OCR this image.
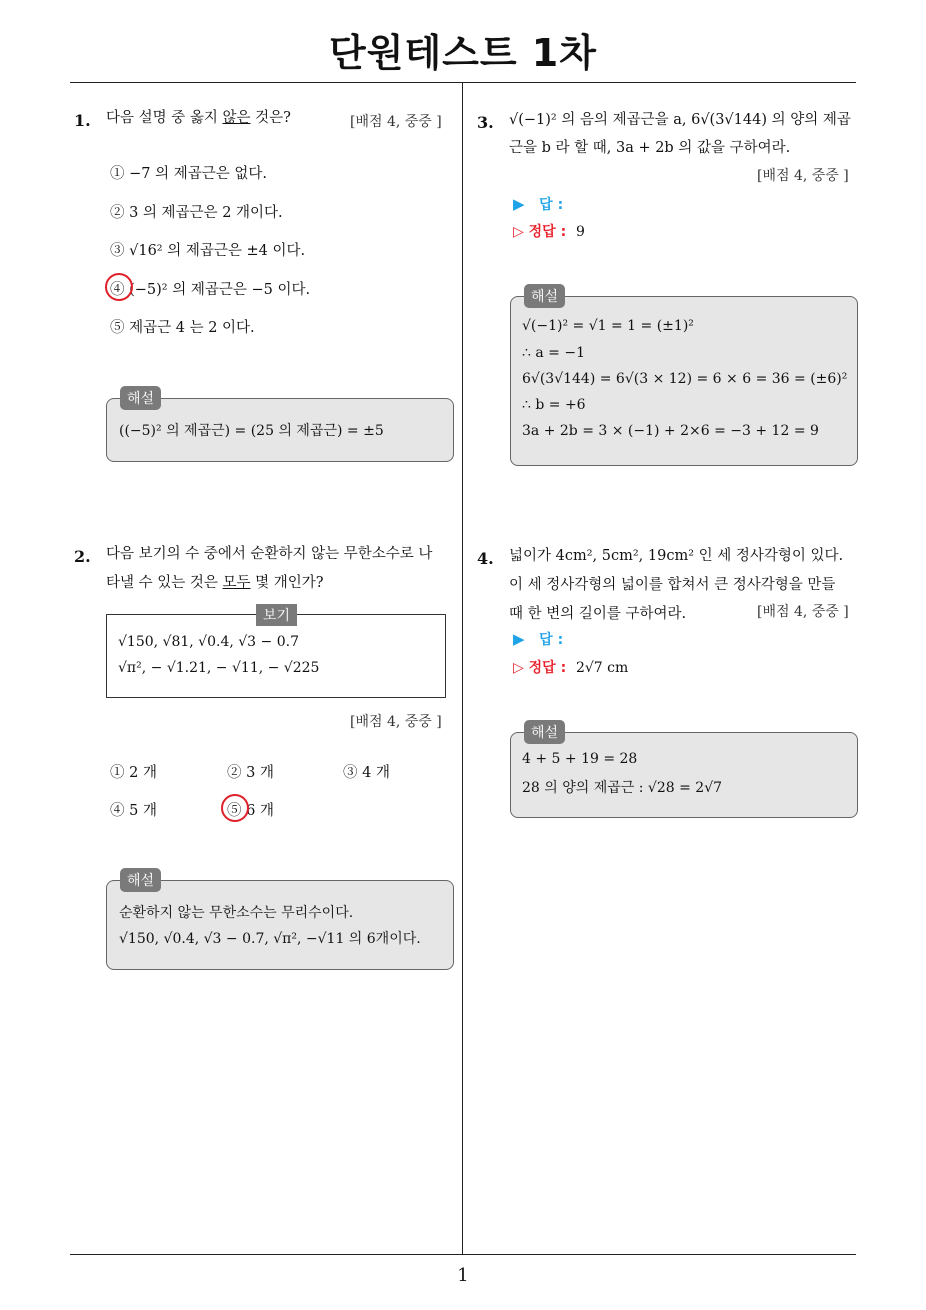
단원테스트 1차
1. 다음 설명 중 옳지 않은 것은?	[배점 4, 중중 ]
① −7 의 제곱근은 없다.
② 3 의 제곱근은 2 개이다.
③ √16² 의 제곱근은 ±4 이다.
④ (−5)² 의 제곱근은 −5 이다.
⑤ 제곱근 4 는 2 이다.
해설
((−5)² 의 제곱근) = (25 의 제곱근) = ±5
2. 다음 보기의 수 중에서 순환하지 않는 무한소수로 나
타낼 수 있는 것은 모두 몇 개인가?
보기
√150, √81, √0.4, √3 − 0.7
√π², − √1.21, − √11, − √225
[배점 4, 중중 ]
① 2 개	② 3 개	③ 4 개
④ 5 개	⑤ 6 개
해설
순환하지 않는 무한소수는 무리수이다.
√150, √0.4, √3 − 0.7, √π², −√11 의 6개이다.
3. √(−1)² 의 음의 제곱근을 a, 6√(3√144) 의 양의 제곱
근을 b 라 할 때, 3a + 2b 의 값을 구하여라.
[배점 4, 중중 ]
▶ 답 :
▷ 정답 : 9
해설
√(−1)² = √1 = 1 = (±1)²
∴ a = −1
6√(3√144) = 6√(3 × 12) = 6 × 6 = 36 = (±6)²
∴ b = +6
3a + 2b = 3 × (−1) + 2×6 = −3 + 12 = 9
4. 넓이가 4cm², 5cm², 19cm² 인 세 정사각형이 있다.
이 세 정사각형의 넓이를 합쳐서 큰 정사각형을 만들
때 한 변의 길이를 구하여라.	[배점 4, 중중 ]
▶ 답 :
▷ 정답 : 2√7 cm
해설
4 + 5 + 19 = 28
28 의 양의 제곱근 : √28 = 2√7
1
